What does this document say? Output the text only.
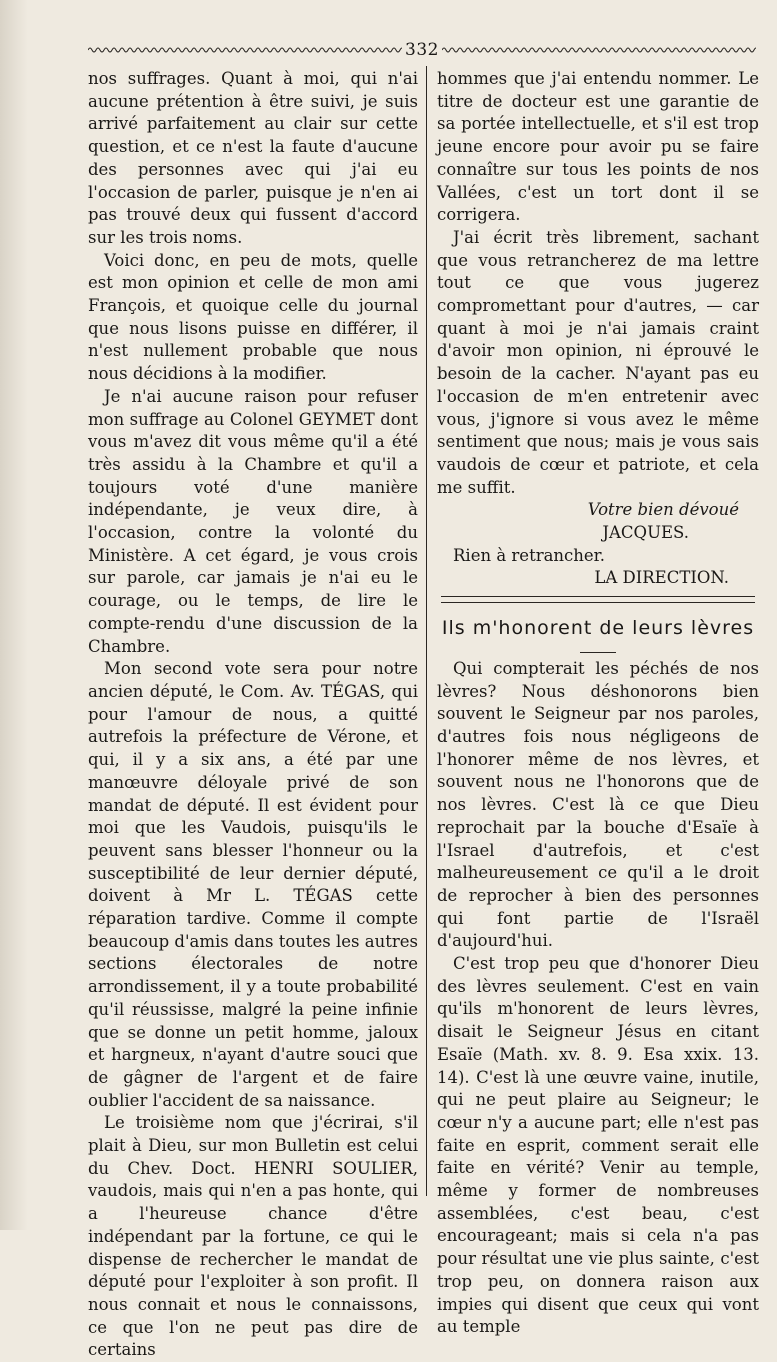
332

nos suffrages. Quant à moi, qui n'ai aucune prétention à être suivi, je suis arrivé parfaitement au clair sur cette question, et ce n'est la faute d'aucune des personnes avec qui j'ai eu l'occasion de parler, puisque je n'en ai pas trouvé deux qui fussent d'accord sur les trois noms.

Voici donc, en peu de mots, quelle est mon opinion et celle de mon ami François, et quoique celle du journal que nous lisons puisse en différer, il n'est nullement probable que nous nous décidions à la modifier.

Je n'ai aucune raison pour refuser mon suffrage au Colonel GEYMET dont vous m'avez dit vous même qu'il a été très assidu à la Chambre et qu'il a toujours voté d'une manière indépendante, je veux dire, à l'occasion, contre la volonté du Ministère. A cet égard, je vous crois sur parole, car jamais je n'ai eu le courage, ou le temps, de lire le compte-rendu d'une discussion de la Chambre.

Mon second vote sera pour notre ancien député, le Com. Av. TÉGAS, qui pour l'amour de nous, a quitté autrefois la préfecture de Vérone, et qui, il y a six ans, a été par une manœuvre déloyale privé de son mandat de député. Il est évident pour moi que les Vaudois, puisqu'ils le peuvent sans blesser l'honneur ou la susceptibilité de leur dernier député, doivent à Mr L. TÉGAS cette réparation tardive. Comme il compte beaucoup d'amis dans toutes les autres sections électorales de notre arrondissement, il y a toute probabilité qu'il réussisse, malgré la peine infinie que se donne un petit homme, jaloux et hargneux, n'ayant d'autre souci que de gâgner de l'argent et de faire oublier l'accident de sa naissance.

Le troisième nom que j'écrirai, s'il plait à Dieu, sur mon Bulletin est celui du Chev. Doct. HENRI SOULIER, vaudois, mais qui n'en a pas honte, qui a l'heureuse chance d'être indépendant par la fortune, ce qui le dispense de rechercher le mandat de député pour l'exploiter à son profit. Il nous connait et nous le connaissons, ce que l'on ne peut pas dire de certains

hommes que j'ai entendu nommer. Le titre de docteur est une garantie de sa portée intellectuelle, et s'il est trop jeune encore pour avoir pu se faire connaître sur tous les points de nos Vallées, c'est un tort dont il se corrigera.

J'ai écrit très librement, sachant que vous retrancherez de ma lettre tout ce que vous jugerez compromettant pour d'autres, — car quant à moi je n'ai jamais craint d'avoir mon opinion, ni éprouvé le besoin de la cacher. N'ayant pas eu l'occasion de m'en entretenir avec vous, j'ignore si vous avez le même sentiment que nous; mais je vous sais vaudois de cœur et patriote, et cela me suffit.

Votre bien dévoué

JACQUES.

Rien à retrancher.

LA DIRECTION.

Ils m'honorent de leurs lèvres

Qui compterait les péchés de nos lèvres? Nous déshonorons bien souvent le Seigneur par nos paroles, d'autres fois nous négligeons de l'honorer même de nos lèvres, et souvent nous ne l'honorons que de nos lèvres. C'est là ce que Dieu reprochait par la bouche d'Esaïe à l'Israel d'autrefois, et c'est malheureusement ce qu'il a le droit de reprocher à bien des personnes qui font partie de l'Israël d'aujourd'hui.

C'est trop peu que d'honorer Dieu des lèvres seulement. C'est en vain qu'ils m'honorent de leurs lèvres, disait le Seigneur Jésus en citant Esaïe (Math. xv. 8. 9. Esa xxix. 13. 14). C'est là une œuvre vaine, inutile, qui ne peut plaire au Seigneur; le cœur n'y a aucune part; elle n'est pas faite en esprit, comment serait elle faite en vérité? Venir au temple, même y former de nombreuses assemblées, c'est beau, c'est encourageant; mais si cela n'a pas pour résultat une vie plus sainte, c'est trop peu, on donnera raison aux impies qui disent que ceux qui vont au temple
